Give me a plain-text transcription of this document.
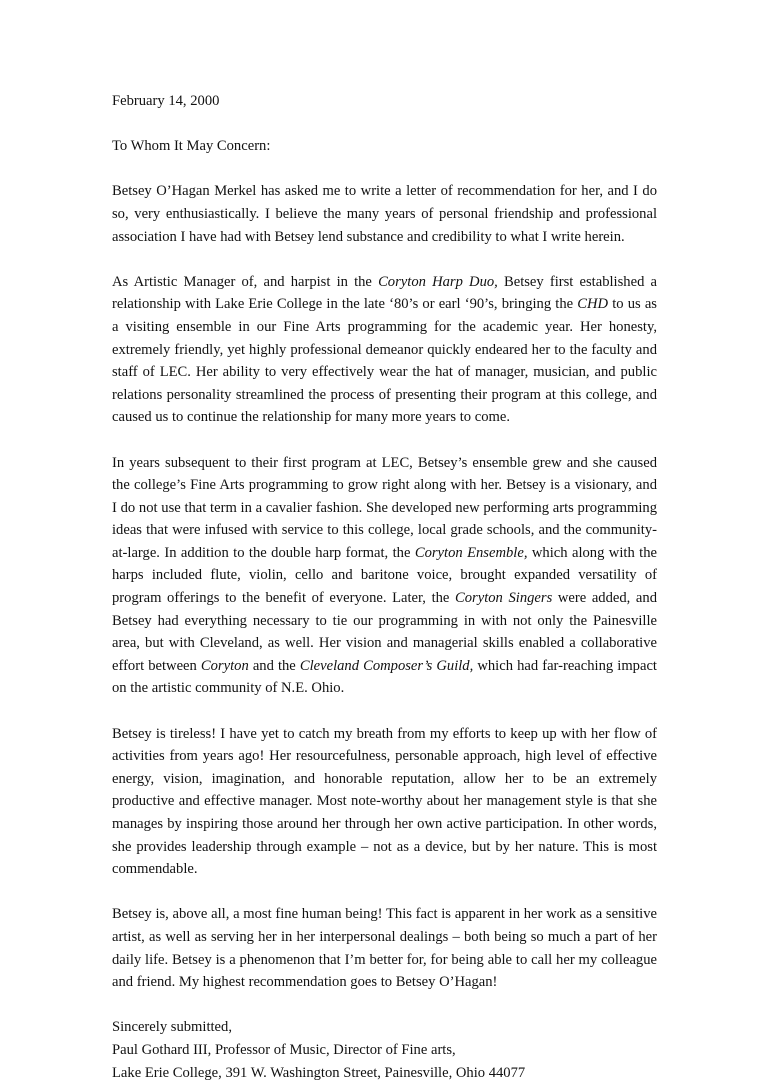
February 14, 2000

To Whom It May Concern:

Betsey O’Hagan Merkel has asked me to write a letter of recommendation for her, and I do so, very enthusiastically. I believe the many years of personal friendship and professional association I have had with Betsey lend substance and credibility to what I write herein.

As Artistic Manager of, and harpist in the Coryton Harp Duo, Betsey first established a relationship with Lake Erie College in the late ‘80’s or earl ‘90’s, bringing the CHD to us as a visiting ensemble in our Fine Arts programming for the academic year. Her honesty, extremely friendly, yet highly professional demeanor quickly endeared her to the faculty and staff of LEC. Her ability to very effectively wear the hat of manager, musician, and public relations personality streamlined the process of presenting their program at this college, and caused us to continue the relationship for many more years to come.

In years subsequent to their first program at LEC, Betsey’s ensemble grew and she caused the college’s Fine Arts programming to grow right along with her. Betsey is a visionary, and I do not use that term in a cavalier fashion. She developed new performing arts programming ideas that were infused with service to this college, local grade schools, and the community-at-large. In addition to the double harp format, the Coryton Ensemble, which along with the harps included flute, violin, cello and baritone voice, brought expanded versatility of program offerings to the benefit of everyone. Later, the Coryton Singers were added, and Betsey had everything necessary to tie our programming in with not only the Painesville area, but with Cleveland, as well. Her vision and managerial skills enabled a collaborative effort between Coryton and the Cleveland Composer’s Guild, which had far-reaching impact on the artistic community of N.E. Ohio.

Betsey is tireless! I have yet to catch my breath from my efforts to keep up with her flow of activities from years ago! Her resourcefulness, personable approach, high level of effective energy, vision, imagination, and honorable reputation, allow her to be an extremely productive and effective manager. Most note-worthy about her management style is that she manages by inspiring those around her through her own active participation. In other words, she provides leadership through example – not as a device, but by her nature. This is most commendable.

Betsey is, above all, a most fine human being! This fact is apparent in her work as a sensitive artist, as well as serving her in her interpersonal dealings – both being so much a part of her daily life. Betsey is a phenomenon that I’m better for, for being able to call her my colleague and friend. My highest recommendation goes to Betsey O’Hagan!

Sincerely submitted,
Paul Gothard III, Professor of Music, Director of Fine arts,
Lake Erie College, 391 W. Washington Street, Painesville, Ohio 44077
